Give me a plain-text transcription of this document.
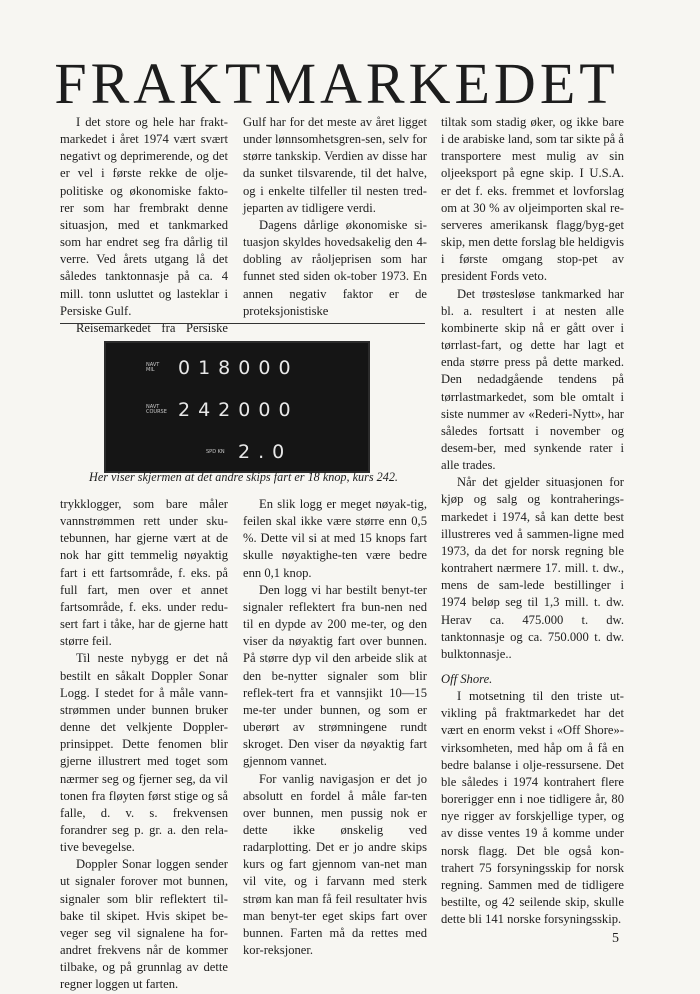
FRAKTMARKEDET

I det store og hele har frakt-markedet i året 1974 vært svært negativt og deprimerende, og det er vel i første rekke de olje-politiske og økonomiske fakto-rer som har frembrakt denne situasjon, med et tankmarked som har endret seg fra dårlig til verre. Ved årets utgang lå det således tanktonnasje på ca. 4 mill. tonn usluttet og lasteklar i Persiske Gulf.

Reisemarkedet fra Persiske

Gulf har for det meste av året ligget under lønnsomhetsgren-sen, selv for større tankskip. Verdien av disse har da sunket tilsvarende, til det halve, og i enkelte tilfeller til nesten tred-jeparten av tidligere verdi.

Dagens dårlige økonomiske si-tuasjon skyldes hovedsakelig den 4-dobling av råoljeprisen som har funnet sted siden ok-tober 1973. En annen negativ faktor er de proteksjonistiske

NAVT MIL	018000
NAVT COURSE 242000
SPD KN 2.0
Her viser skjermen at det andre skips fart er 18 knop, kurs 242.

trykklogger, som bare måler vannstrømmen rett under sku-tebunnen, har gjerne vært at de nok har gitt temmelig nøyaktig fart i ett fartsområde, f. eks. på full fart, men over et annet fartsområde, f. eks. under redu-sert fart i tåke, har de gjerne hatt større feil.

Til neste nybygg er det nå bestilt en såkalt Doppler Sonar Logg. I stedet for å måle vann-strømmen under bunnen bruker denne det velkjente Doppler-prinsippet. Dette fenomen blir gjerne illustrert med toget som nærmer seg og fjerner seg, da vil tonen fra fløyten først stige og så falle, d. v. s. frekvensen forandrer seg p. gr. a. den rela-tive bevegelse.

Doppler Sonar loggen sender ut signaler forover mot bunnen, signaler som blir reflektert til-bake til skipet. Hvis skipet be-veger seg vil signalene ha for-andret frekvens når de kommer tilbake, og på grunnlag av dette regner loggen ut farten.

En slik logg er meget nøyak-tig, feilen skal ikke være større enn 0,5 %. Dette vil si at med 15 knops fart skulle nøyaktighe-ten være bedre enn 0,1 knop.

Den logg vi har bestilt benyt-ter signaler reflektert fra bun-nen ned til en dypde av 200 me-ter, og den viser da nøyaktig fart over bunnen. På større dyp vil den arbeide slik at den be-nytter signaler som blir reflek-tert fra et vannsjikt 10—15 me-ter under bunnen, og som er uberørt av strømningene rundt skroget. Den viser da nøyaktig fart gjennom vannet.

For vanlig navigasjon er det jo absolutt en fordel å måle far-ten over bunnen, men pussig nok er dette ikke ønskelig ved radarplotting. Det er jo andre skips kurs og fart gjennom van-net man vil vite, og i farvann med sterk strøm kan man få feil resultater hvis man benyt-ter eget skips fart over bunnen. Farten må da rettes med kor-reksjoner.

tiltak som stadig øker, og ikke bare i de arabiske land, som tar sikte på å transportere mest mulig av sin oljeeksport på egne skip. I U.S.A. er det f. eks. fremmet et lovforslag om at 30 % av oljeimporten skal re-serveres amerikansk flagg/byg-get skip, men dette forslag ble heldigvis i første omgang stop-pet av president Fords veto.

Det trøstesløse tankmarked har bl. a. resultert i at nesten alle kombinerte skip nå er gått over i tørrlast-fart, og dette har lagt et enda større press på dette marked. Den nedadgående tendens på tørrlastmarkedet, som ble omtalt i siste nummer av «Rederi-Nytt», har således fortsatt i november og desem-ber, med synkende rater i alle trades.

Når det gjelder situasjonen for kjøp og salg og kontraherings-markedet i 1974, så kan dette best illustreres ved å sammen-ligne med 1973, da det for norsk regning ble kontrahert nærmere 17. mill. t. dw., mens de sam-lede bestillinger i 1974 beløp seg til 1,3 mill. t. dw. Herav ca. 475.000 t. dw. tanktonnasje og ca. 750.000 t. dw. bulktonnasje..

Off Shore.

I motsetning til den triste ut-vikling på fraktmarkedet har det vært en enorm vekst i «Off Shore»-virksomheten, med håp om å få en bedre balanse i olje-ressursene. Det ble således i 1974 kontrahert flere borerigger enn i noe tidligere år, 80 nye rigger av forskjellige typer, og av disse ventes 19 å komme under norsk flagg. Det ble også kon-trahert 75 forsyningsskip for norsk regning. Sammen med de tidligere bestilte, og 42 seilende skip, skulle dette bli 141 norske forsyningsskip.

5
